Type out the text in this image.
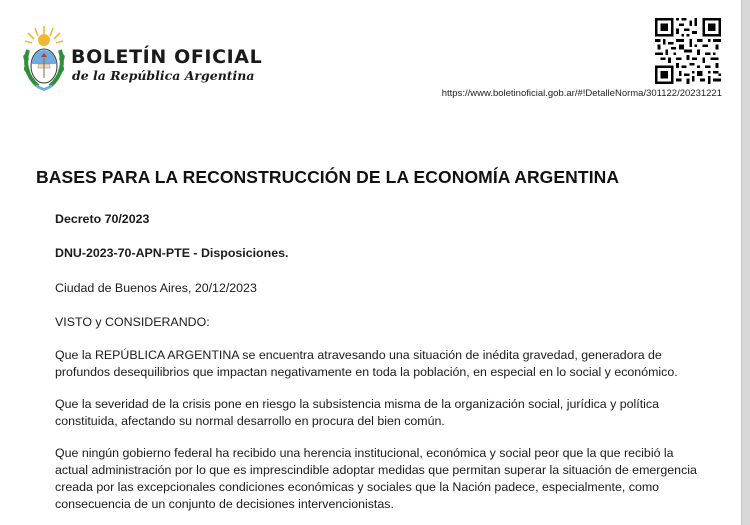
BOLETÍN OFICIAL
de la República Argentina
https://www.boletinoficial.gob.ar/#!DetalleNorma/301122/20231221
BASES PARA LA RECONSTRUCCIÓN DE LA ECONOMÍA ARGENTINA

Decreto 70/2023

DNU-2023-70-APN-PTE - Disposiciones.

Ciudad de Buenos Aires, 20/12/2023

VISTO y CONSIDERANDO:

Que la REPÚBLICA ARGENTINA se encuentra atravesando una situación de inédita gravedad, generadora de profundos desequilibrios que impactan negativamente en toda la población, en especial en lo social y económico.

Que la severidad de la crisis pone en riesgo la subsistencia misma de la organización social, jurídica y política constituida, afectando su normal desarrollo en procura del bien común.

Que ningún gobierno federal ha recibido una herencia institucional, económica y social peor que la que recibió la actual administración por lo que es imprescindible adoptar medidas que permitan superar la situación de emergencia creada por las excepcionales condiciones económicas y sociales que la Nación padece, especialmente, como consecuencia de un conjunto de decisiones intervencionistas.
